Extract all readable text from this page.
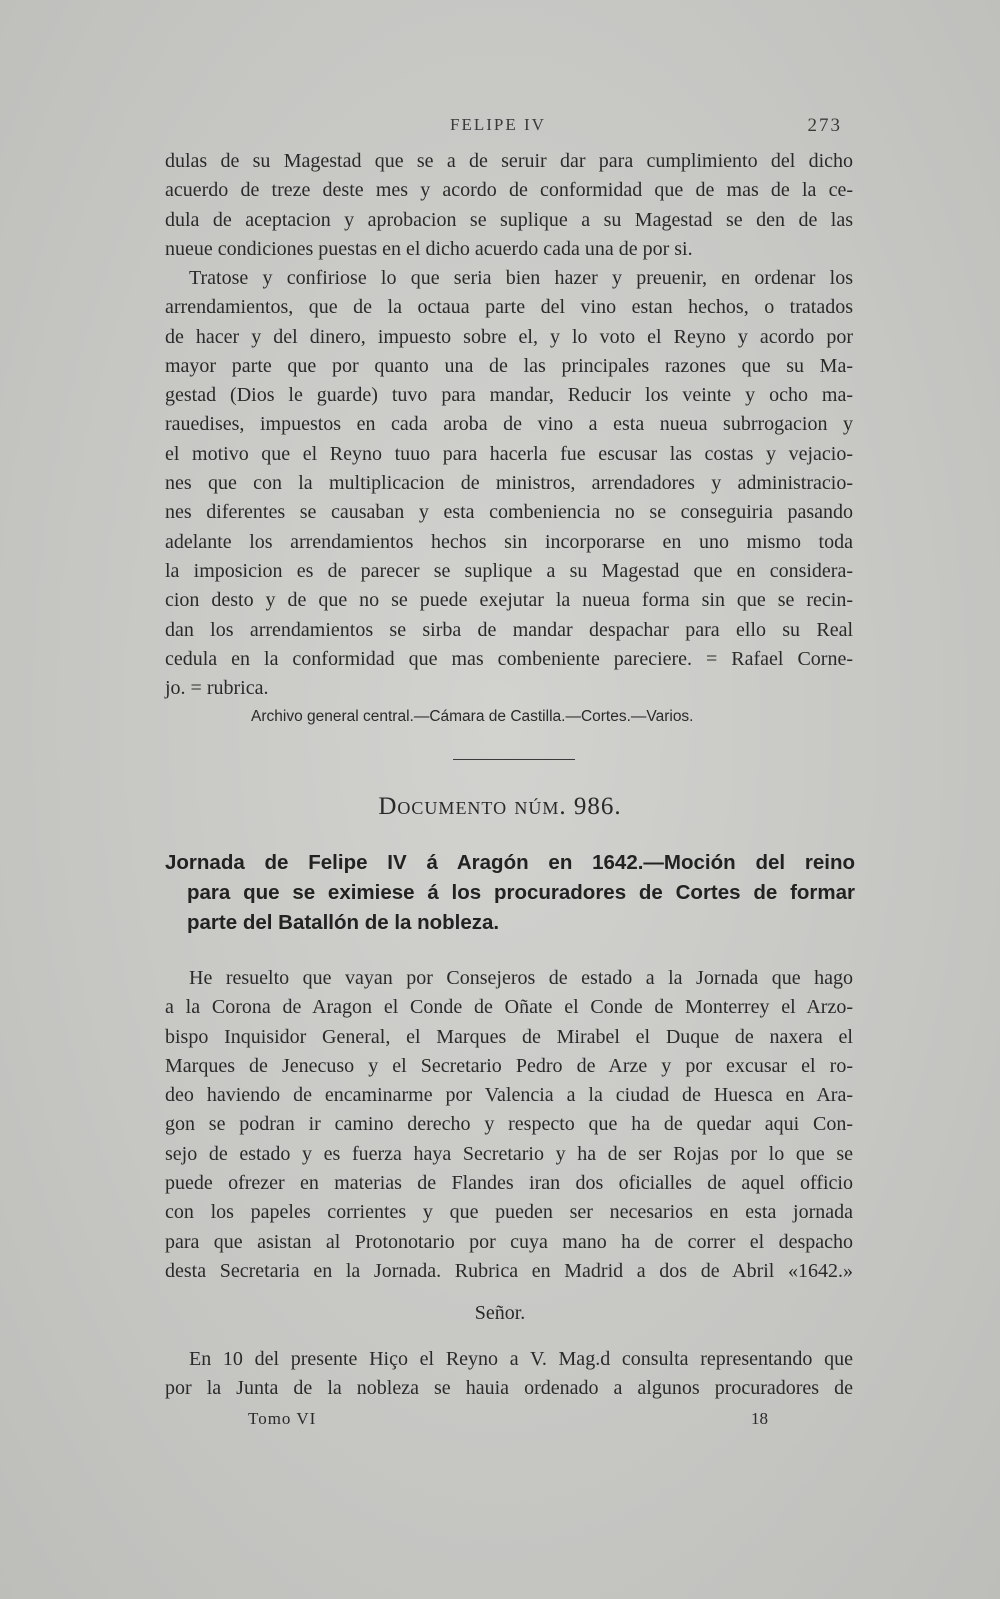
FELIPE IV	273

dulas de su Magestad que se a de seruir dar para cumplimiento del dicho

acuerdo de treze deste mes y acordo de conformidad que de mas de la ce-

dula de aceptacion y aprobacion se suplique a su Magestad se den de las

nueue condiciones puestas en el dicho acuerdo cada una de por si.

Tratose y confiriose lo que seria bien hazer y preuenir, en ordenar los

arrendamientos, que de la octaua parte del vino estan hechos, o tratados

de hacer y del dinero, impuesto sobre el, y lo voto el Reyno y acordo por

mayor parte que por quanto una de las principales razones que su Ma-

gestad (Dios le guarde) tuvo para mandar, Reducir los veinte y ocho ma-

rauedises, impuestos en cada aroba de vino a esta nueua subrrogacion y

el motivo que el Reyno tuuo para hacerla fue escusar las costas y vejacio-

nes que con la multiplicacion de ministros, arrendadores y administracio-

nes diferentes se causaban y esta combeniencia no se conseguiria pasando

adelante los arrendamientos hechos sin incorporarse en uno mismo toda

la imposicion es de parecer se suplique a su Magestad que en considera-

cion desto y de que no se puede exejutar la nueua forma sin que se recin-

dan los arrendamientos se sirba de mandar despachar para ello su Real

cedula en la conformidad que mas combeniente pareciere. = Rafael Corne-

jo. = rubrica.

Archivo general central.—Cámara de Castilla.—Cortes.—Varios.
Documento núm. 986.
Jornada de Felipe IV á Aragón en 1642.—Moción del reino
para que se eximiese á los procuradores de Cortes de formar
parte del Batallón de la nobleza.

He resuelto que vayan por Consejeros de estado a la Jornada que hago

a la Corona de Aragon el Conde de Oñate el Conde de Monterrey el Arzo-

bispo Inquisidor General, el Marques de Mirabel el Duque de naxera el

Marques de Jenecuso y el Secretario Pedro de Arze y por excusar el ro-

deo haviendo de encaminarme por Valencia a la ciudad de Huesca en Ara-

gon se podran ir camino derecho y respecto que ha de quedar aqui Con-

sejo de estado y es fuerza haya Secretario y ha de ser Rojas por lo que se

puede ofrezer en materias de Flandes iran dos oficialles de aquel officio

con los papeles corrientes y que pueden ser necesarios en esta jornada

para que asistan al Protonotario por cuya mano ha de correr el despacho

desta Secretaria en la Jornada. Rubrica en Madrid a dos de Abril «1642.»

Señor.

En 10 del presente Hiço el Reyno a V. Mag.d consulta representando que

por la Junta de la nobleza se hauia ordenado a algunos procuradores de

Tomo VI	18
